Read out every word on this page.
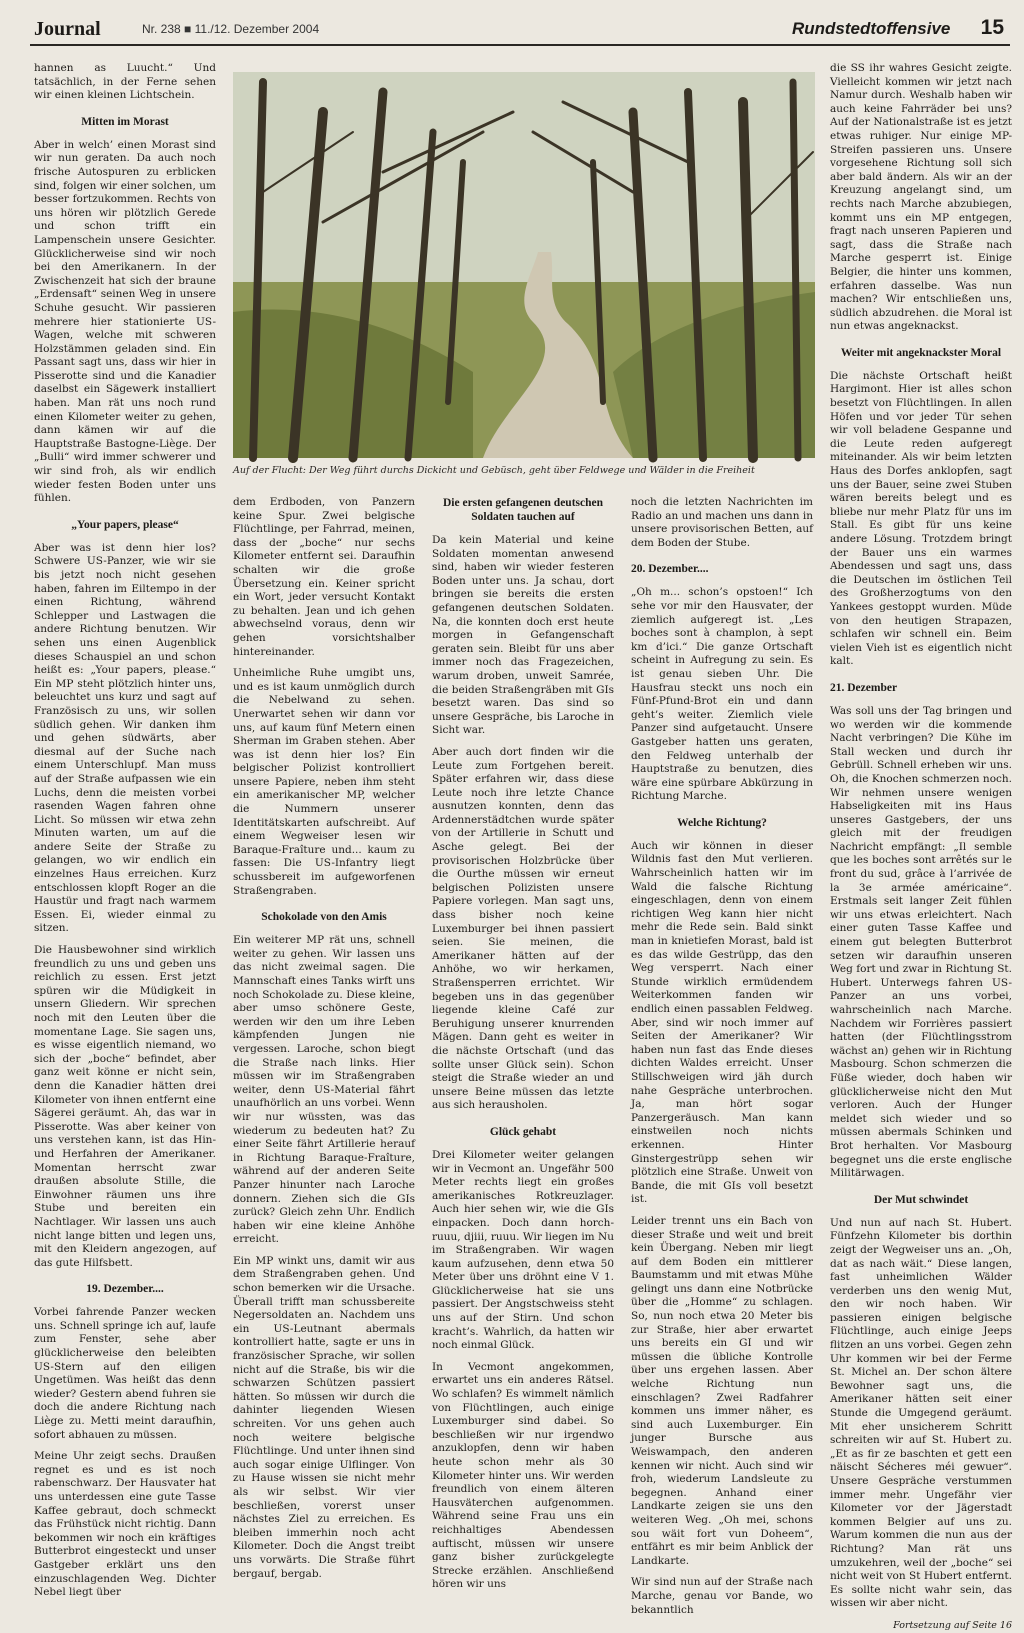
Journal	Nr. 238 ■ 11./12. Dezember 2004	Rundstedtoffensive 15

hannen as Luucht.“ Und tatsächlich, in der Ferne sehen wir einen kleinen Lichtschein.

Mitten im Morast

Aber in welch’ einen Morast sind wir nun geraten. Da auch noch frische Autospuren zu erblicken sind, folgen wir einer solchen, um besser fortzukommen. Rechts von uns hören wir plötzlich Gerede und schon trifft ein Lampenschein unsere Gesichter. Glücklicherweise sind wir noch bei den Amerikanern. In der Zwischenzeit hat sich der braune „Erdensaft“ seinen Weg in unsere Schuhe gesucht. Wir passieren mehrere hier stationierte US-Wagen, welche mit schweren Holzstämmen geladen sind. Ein Passant sagt uns, dass wir hier in Pisserotte sind und die Kanadier daselbst ein Sägewerk installiert haben. Man rät uns noch rund einen Kilometer weiter zu gehen, dann kämen wir auf die Hauptstraße Bastogne-Liège. Der „Bulli“ wird immer schwerer und wir sind froh, als wir endlich wieder festen Boden unter uns fühlen.

„Your papers, please“

Aber was ist denn hier los? Schwere US-Panzer, wie wir sie bis jetzt noch nicht gesehen haben, fahren im Eiltempo in der einen Richtung, während Schlepper und Lastwagen die andere Richtung benutzen. Wir sehen uns einen Augenblick dieses Schauspiel an und schon heißt es: „Your papers, please.“ Ein MP steht plötzlich hinter uns, beleuchtet uns kurz und sagt auf Französisch zu uns, wir sollen südlich gehen. Wir danken ihm und gehen südwärts, aber diesmal auf der Suche nach einem Unterschlupf. Man muss auf der Straße aufpassen wie ein Luchs, denn die meisten vorbei rasenden Wagen fahren ohne Licht. So müssen wir etwa zehn Minuten warten, um auf die andere Seite der Straße zu gelangen, wo wir endlich ein einzelnes Haus erreichen. Kurz entschlossen klopft Roger an die Haustür und fragt nach warmem Essen. Ei, wieder einmal zu sitzen.

Die Hausbewohner sind wirklich freundlich zu uns und geben uns reichlich zu essen. Erst jetzt spüren wir die Müdigkeit in unsern Gliedern. Wir sprechen noch mit den Leuten über die momentane Lage. Sie sagen uns, es wisse eigentlich niemand, wo sich der „boche“ befindet, aber ganz weit könne er nicht sein, denn die Kanadier hätten drei Kilometer von ihnen entfernt eine Sägerei geräumt. Ah, das war in Pisserotte. Was aber keiner von uns verstehen kann, ist das Hin- und Herfahren der Amerikaner. Momentan herrscht zwar draußen absolute Stille, die Einwohner räumen uns ihre Stube und bereiten ein Nachtlager. Wir lassen uns auch nicht lange bitten und legen uns, mit den Kleidern angezogen, auf das gute Hilfsbett.

19. Dezember....

Vorbei fahrende Panzer wecken uns. Schnell springe ich auf, laufe zum Fenster, sehe aber glücklicherweise den beleibten US-Stern auf den eiligen Ungetümen. Was heißt das denn wieder? Gestern abend fuhren sie doch die andere Richtung nach Liège zu. Metti meint daraufhin, sofort abhauen zu müssen.

Meine Uhr zeigt sechs. Draußen regnet es und es ist noch rabenschwarz. Der Hausvater hat uns unterdessen eine gute Tasse Kaffee gebraut, doch schmeckt das Frühstück nicht richtig. Dann bekommen wir noch ein kräftiges Butterbrot eingesteckt und unser Gastgeber erklärt uns den einzuschlagenden Weg. Dichter Nebel liegt über

Auf der Flucht: Der Weg führt durchs Dickicht und Gebüsch, geht über Feldwege und Wälder in die Freiheit

dem Erdboden, von Panzern keine Spur. Zwei belgische Flüchtlinge, per Fahrrad, meinen, dass der „boche“ nur sechs Kilometer entfernt sei. Daraufhin schalten wir die große Übersetzung ein. Keiner spricht ein Wort, jeder versucht Kontakt zu behalten. Jean und ich gehen abwechselnd voraus, denn wir gehen vorsichtshalber hintereinander.

Unheimliche Ruhe umgibt uns, und es ist kaum unmöglich durch die Nebelwand zu sehen. Unerwartet sehen wir dann vor uns, auf kaum fünf Metern einen Sherman im Graben stehen. Aber was ist denn hier los? Ein belgischer Polizist kontrolliert unsere Papiere, neben ihm steht ein amerikanischer MP, welcher die Nummern unserer Identitätskarten aufschreibt. Auf einem Wegweiser lesen wir Baraque-Fraîture und... kaum zu fassen: Die US-Infantry liegt schussbereit im aufgeworfenen Straßengraben.

Schokolade von den Amis

Ein weiterer MP rät uns, schnell weiter zu gehen. Wir lassen uns das nicht zweimal sagen. Die Mannschaft eines Tanks wirft uns noch Schokolade zu. Diese kleine, aber umso schönere Geste, werden wir den um ihre Leben kämpfenden Jungen nie vergessen. Laroche, schon biegt die Straße nach links. Hier müssen wir im Straßengraben weiter, denn US-Material fährt unaufhörlich an uns vorbei. Wenn wir nur wüssten, was das wiederum zu bedeuten hat? Zu einer Seite fährt Artillerie herauf in Richtung Baraque-Fraîture, während auf der anderen Seite Panzer hinunter nach Laroche donnern. Ziehen sich die GIs zurück? Gleich zehn Uhr. Endlich haben wir eine kleine Anhöhe erreicht.

Ein MP winkt uns, damit wir aus dem Straßengraben gehen. Und schon bemerken wir die Ursache. Überall trifft man schussbereite Negersoldaten an. Nachdem uns ein US-Leutnant abermals kontrolliert hatte, sagte er uns in französischer Sprache, wir sollen nicht auf die Straße, bis wir die schwarzen Schützen passiert hätten. So müssen wir durch die dahinter liegenden Wiesen schreiten. Vor uns gehen auch noch weitere belgische Flüchtlinge. Und unter ihnen sind auch sogar einige Ulflinger. Von zu Hause wissen sie nicht mehr als wir selbst. Wir vier beschließen, vorerst unser nächstes Ziel zu erreichen. Es bleiben immerhin noch acht Kilometer. Doch die Angst treibt uns vorwärts. Die Straße führt bergauf, bergab.

Die ersten gefangenen deutschen Soldaten tauchen auf

Da kein Material und keine Soldaten momentan anwesend sind, haben wir wieder festeren Boden unter uns. Ja schau, dort bringen sie bereits die ersten gefangenen deutschen Soldaten. Na, die konnten doch erst heute morgen in Gefangenschaft geraten sein. Bleibt für uns aber immer noch das Fragezeichen, warum droben, unweit Samrée, die beiden Straßengräben mit GIs besetzt waren. Das sind so unsere Gespräche, bis Laroche in Sicht war.

Aber auch dort finden wir die Leute zum Fortgehen bereit. Später erfahren wir, dass diese Leute noch ihre letzte Chance ausnutzen konnten, denn das Ardennerstädtchen wurde später von der Artillerie in Schutt und Asche gelegt. Bei der provisorischen Holzbrücke über die Ourthe müssen wir erneut belgischen Polizisten unsere Papiere vorlegen. Man sagt uns, dass bisher noch keine Luxemburger bei ihnen passiert seien. Sie meinen, die Amerikaner hätten auf der Anhöhe, wo wir herkamen, Straßensperren errichtet. Wir begeben uns in das gegenüber liegende kleine Café zur Beruhigung unserer knurrenden Mägen. Dann geht es weiter in die nächste Ortschaft (und das sollte unser Glück sein). Schon steigt die Straße wieder an und unsere Beine müssen das letzte aus sich herausholen.

Glück gehabt

Drei Kilometer weiter gelangen wir in Vecmont an. Ungefähr 500 Meter rechts liegt ein großes amerikanisches Rotkreuzlager. Auch hier sehen wir, wie die GIs einpacken. Doch dann horch-ruuu, djiii, ruuu. Wir liegen im Nu im Straßengraben. Wir wagen kaum aufzusehen, denn etwa 50 Meter über uns dröhnt eine V 1. Glücklicherweise hat sie uns passiert. Der Angstschweiss steht uns auf der Stirn. Und schon kracht’s. Wahrlich, da hatten wir noch einmal Glück.

In Vecmont angekommen, erwartet uns ein anderes Rätsel. Wo schlafen? Es wimmelt nämlich von Flüchtlingen, auch einige Luxemburger sind dabei. So beschließen wir nur irgendwo anzuklopfen, denn wir haben heute schon mehr als 30 Kilometer hinter uns. Wir werden freundlich von einem älteren Hausväterchen aufgenommen. Während seine Frau uns ein reichhaltiges Abendessen auftischt, müssen wir unsere ganz bisher zurückgelegte Strecke erzählen. Anschließend hören wir uns

noch die letzten Nachrichten im Radio an und machen uns dann in unsere provisorischen Betten, auf dem Boden der Stube.

20. Dezember....

„Oh m... schon’s opstoen!“ Ich sehe vor mir den Hausvater, der ziemlich aufgeregt ist. „Les boches sont à champlon, à sept km d’ici.“ Die ganze Ortschaft scheint in Aufregung zu sein. Es ist genau sieben Uhr. Die Hausfrau steckt uns noch ein Fünf-Pfund-Brot ein und dann geht’s weiter. Ziemlich viele Panzer sind aufgetaucht. Unsere Gastgeber hatten uns geraten, den Feldweg unterhalb der Hauptstraße zu benutzen, dies wäre eine spürbare Abkürzung in Richtung Marche.

Welche Richtung?

Auch wir können in dieser Wildnis fast den Mut verlieren. Wahrscheinlich hatten wir im Wald die falsche Richtung eingeschlagen, denn von einem richtigen Weg kann hier nicht mehr die Rede sein. Bald sinkt man in knietiefen Morast, bald ist es das wilde Gestrüpp, das den Weg versperrt. Nach einer Stunde wirklich ermüdendem Weiterkommen fanden wir endlich einen passablen Feldweg. Aber, sind wir noch immer auf Seiten der Amerikaner? Wir haben nun fast das Ende dieses dichten Waldes erreicht. Unser Stillschweigen wird jäh durch nahe Gespräche unterbrochen. Ja, man hört sogar Panzergeräusch. Man kann einstweilen noch nichts erkennen. Hinter Ginstergestrüpp sehen wir plötzlich eine Straße. Unweit von Bande, die mit GIs voll besetzt ist.

Leider trennt uns ein Bach von dieser Straße und weit und breit kein Übergang. Neben mir liegt auf dem Boden ein mittlerer Baumstamm und mit etwas Mühe gelingt uns dann eine Notbrücke über die „Homme“ zu schlagen. So, nun noch etwa 20 Meter bis zur Straße, hier aber erwartet uns bereits ein GI und wir müssen die übliche Kontrolle über uns ergehen lassen. Aber welche Richtung nun einschlagen? Zwei Radfahrer kommen uns immer näher, es sind auch Luxemburger. Ein junger Bursche aus Weiswampach, den anderen kennen wir nicht. Auch sind wir froh, wiederum Landsleute zu begegnen. Anhand einer Landkarte zeigen sie uns den weiteren Weg. „Oh mei, schons sou wäit fort vun Doheem“, entfährt es mir beim Anblick der Landkarte.

Wir sind nun auf der Straße nach Marche, genau vor Bande, wo bekanntlich

die SS ihr wahres Gesicht zeigte. Vielleicht kommen wir jetzt nach Namur durch. Weshalb haben wir auch keine Fahrräder bei uns? Auf der Nationalstraße ist es jetzt etwas ruhiger. Nur einige MP-Streifen passieren uns. Unsere vorgesehene Richtung soll sich aber bald ändern. Als wir an der Kreuzung angelangt sind, um rechts nach Marche abzubiegen, kommt uns ein MP entgegen, fragt nach unseren Papieren und sagt, dass die Straße nach Marche gesperrt ist. Einige Belgier, die hinter uns kommen, erfahren dasselbe. Was nun machen? Wir entschließen uns, südlich abzudrehen. die Moral ist nun etwas angeknackst.

Weiter mit angeknackster Moral

Die nächste Ortschaft heißt Hargimont. Hier ist alles schon besetzt von Flüchtlingen. In allen Höfen und vor jeder Tür sehen wir voll beladene Gespanne und die Leute reden aufgeregt miteinander. Als wir beim letzten Haus des Dorfes anklopfen, sagt uns der Bauer, seine zwei Stuben wären bereits belegt und es bliebe nur mehr Platz für uns im Stall. Es gibt für uns keine andere Lösung. Trotzdem bringt der Bauer uns ein warmes Abendessen und sagt uns, dass die Deutschen im östlichen Teil des Großherzogtums von den Yankees gestoppt wurden. Müde von den heutigen Strapazen, schlafen wir schnell ein. Beim vielen Vieh ist es eigentlich nicht kalt.

21. Dezember

Was soll uns der Tag bringen und wo werden wir die kommende Nacht verbringen? Die Kühe im Stall wecken und durch ihr Gebrüll. Schnell erheben wir uns. Oh, die Knochen schmerzen noch. Wir nehmen unsere wenigen Habseligkeiten mit ins Haus unseres Gastgebers, der uns gleich mit der freudigen Nachricht empfängt: „Il semble que les boches sont arrêtés sur le front du sud, grâce à l’arrivée de la 3e armée américaine“. Erstmals seit langer Zeit fühlen wir uns etwas erleichtert. Nach einer guten Tasse Kaffee und einem gut belegten Butterbrot setzen wir daraufhin unseren Weg fort und zwar in Richtung St. Hubert. Unterwegs fahren US-Panzer an uns vorbei, wahrscheinlich nach Marche. Nachdem wir Forrières passiert hatten (der Flüchtlingsstrom wächst an) gehen wir in Richtung Masbourg. Schon schmerzen die Füße wieder, doch haben wir glücklicherweise nicht den Mut verloren. Auch der Hunger meldet sich wieder und so müssen abermals Schinken und Brot herhalten. Vor Masbourg begegnet uns die erste englische Militärwagen.

Der Mut schwindet

Und nun auf nach St. Hubert. Fünfzehn Kilometer bis dorthin zeigt der Wegweiser uns an. „Oh, dat as nach wäit.“ Diese langen, fast unheimlichen Wälder verderben uns den wenig Mut, den wir noch haben. Wir passieren einigen belgische Flüchtlinge, auch einige Jeeps flitzen an uns vorbei. Gegen zehn Uhr kommen wir bei der Ferme St. Michel an. Der schon ältere Bewohner sagt uns, die Amerikaner hätten seit einer Stunde die Umgegend geräumt. Mit eher unsicherem Schritt schreiten wir auf St. Hubert zu. „Et as fir ze baschten et gett een näischt Sécheres méi gewuer“. Unsere Gespräche verstummen immer mehr. Ungefähr vier Kilometer vor der Jägerstadt kommen Belgier auf uns zu. Warum kommen die nun aus der Richtung? Man rät uns umzukehren, weil der „boche“ sei nicht weit von St Hubert entfernt. Es sollte nicht wahr sein, das wissen wir aber nicht.

Fortsetzung auf Seite 16
